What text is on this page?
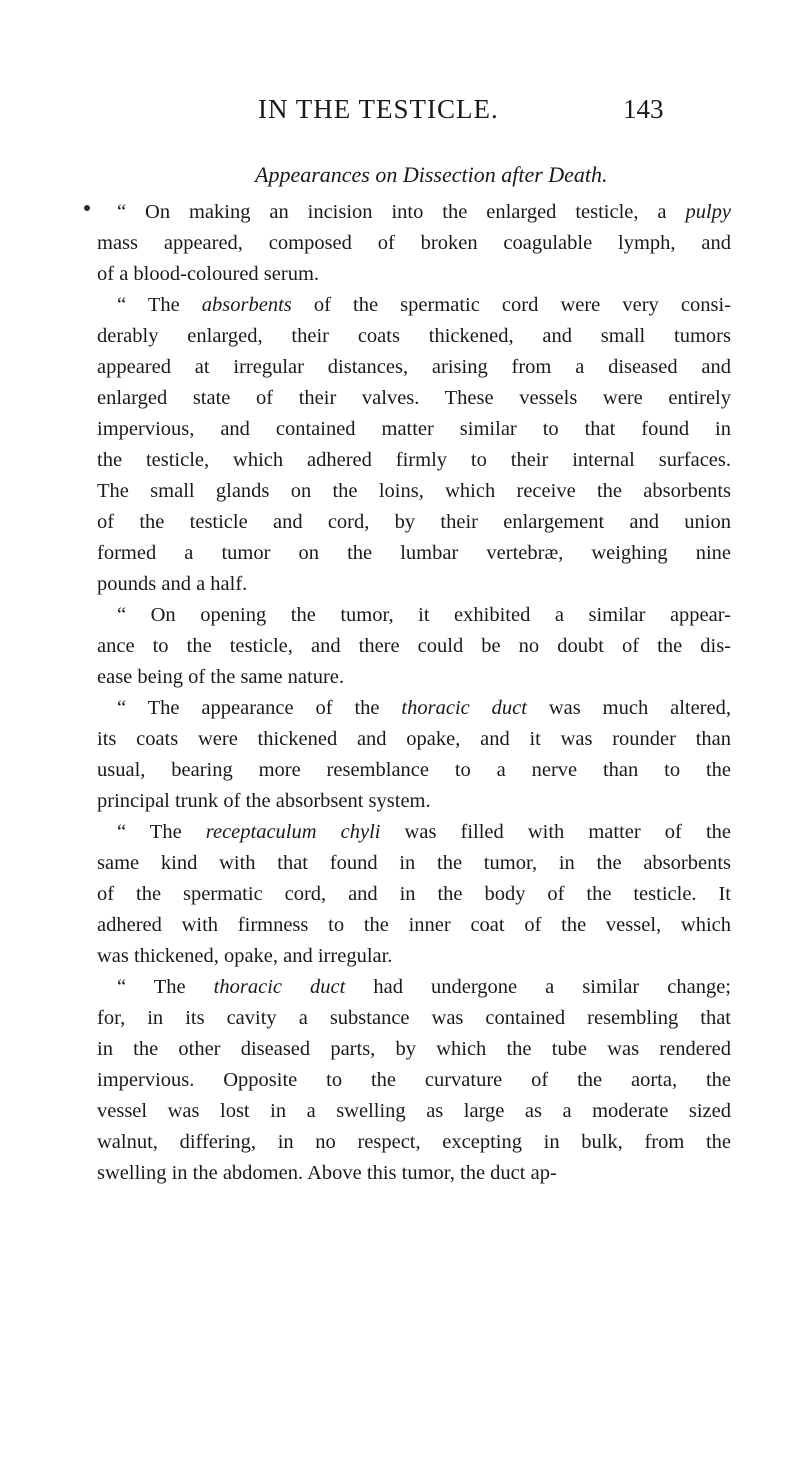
IN THE TESTICLE.	143
Appearances on Dissection after Death.
“ On making an incision into the enlarged testicle, a pulpy
mass appeared, composed of broken coagulable lymph, and
of a blood-coloured serum.
“ The absorbents of the spermatic cord were very consi-
derably enlarged, their coats thickened, and small tumors
appeared at irregular distances, arising from a diseased and
enlarged state of their valves. These vessels were entirely
impervious, and contained matter similar to that found in
the testicle, which adhered firmly to their internal surfaces.
The small glands on the loins, which receive the absorbents
of the testicle and cord, by their enlargement and union
formed a tumor on the lumbar vertebræ, weighing nine
pounds and a half.
“ On opening the tumor, it exhibited a similar appear-
ance to the testicle, and there could be no doubt of the dis-
ease being of the same nature.
“ The appearance of the thoracic duct was much altered,
its coats were thickened and opake, and it was rounder than
usual, bearing more resemblance to a nerve than to the
principal trunk of the absorbsent system.
“ The receptaculum chyli was filled with matter of the
same kind with that found in the tumor, in the absorbents
of the spermatic cord, and in the body of the testicle. It
adhered with firmness to the inner coat of the vessel, which
was thickened, opake, and irregular.
“ The thoracic duct had undergone a similar change;
for, in its cavity a substance was contained resembling that
in the other diseased parts, by which the tube was rendered
impervious. Opposite to the curvature of the aorta, the
vessel was lost in a swelling as large as a moderate sized
walnut, differing, in no respect, excepting in bulk, from the
swelling in the abdomen. Above this tumor, the duct ap-
